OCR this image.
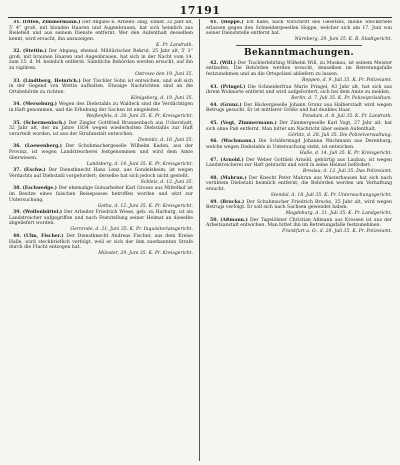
17191

31. (Olfen, Zimmermann.) Der Angabe n. Arbeits- sing, Ebner, 32 Jahr alt, 5' 4'' groß, mit blonden Haaren und Augenbrauen, hat sich heimlich aus Bielefeld und aus seinem Dienste entfernt. Wer den Aufenthalt desselben kennt, wird ersucht, ihn anzuzeigen.

K. Pr. Landrath.

32. (Stettin.) Der Abgang, ehemal. Militärischer Rekrut, 25 Jahr alt, 5' 3'' groß, mit braunen Haaren und Augenbrauen, hat sich in der Nacht vom 14. zum 15. d. M. heimlich entfernt. Sämtliche Behörden werden ersucht, auf ihn zu vigiliren.

Ostrowo den 19. Juni 35.

33. (Lindtberg, Heinrich.) Der Tischler Sohn ist entwichen, und soll sich in der Gegend von Wettin aufhalten. Etwaige Nachrichten sind an die Ortsbehörde zu richten.

Königsberg, d. 19. Juni 35.

34. (Merseburg.) Wegen des Diebstahls zu Waldeck sind die Verdächtigen in Haft genommen, und die Erhebung der Sachen ist eingeleitet.

Weißenfels, d. 28. Juni 35. K. Pr. Kreisgericht.

35. (Schermenloch.) Der Ziegler Gottfried Brunnenbach aus Uckerstadt, 32 Jahr alt, der im Jahre 1834 wegen wiederholten Diebstahls zur Haft verurteilt worden, ist aus der Strafanstalt entwichen.

Domnitz, d. 16. Juni 35.

36. (Loewenberg.) Der Schuhmachergeselle Wilhelm Kaden, aus der Provinz, ist wegen Landstreicherei festgenommen und wird dem Amte überwiesen.

Landsberg, d. 14. Juni 35. K. Pr. Kreisgericht.

37. (Eschw.) Der Dienstknecht Hans Lenz, aus Gondelsheim, ist wegen Verdachts auf Diebstahl vorgefordert; derselbe hat sich jedoch nicht gestellt.

Schleiz, d. 12. Juni 35.

38. (Eschwedge.) Der ehemalige Gutsarbeiter Karl Grosse aus Mittelhof ist im Besitze eines falschen Reisepasses betroffen worden und sitzt zur Untersuchung.

Gotha, d. 12. Juni 35. K. Pr. Kreisgericht.

39. (Wolfenbüttel.) Der Arbeiter Friedrich Wiese, geb. zu Harburg, ist als Landstreicher aufgegriffen und nach Feststellung seiner Heimat an dieselbe abgeliefert worden.

Gernrode, d. 21. Juni 35. K. Pr. Inquisitoriatsgericht.

40. (Ulm, Fischer.) Der Dienstknecht Andreas Fischer, aus dem Kreise Halle, wird steckbrieflich verfolgt, weil er sich der ihm zuerkannten Strafe durch die Flucht entzogen hat.

Münster, 29. Juni 35. K. Pr. Kreisgericht.

41. (Hoppe.) Ich habe, nach Vorschrift des Gesetzes, meine Steckbriefe erlassen gegen den Schneidergesellen Hoppe, welcher sich am 17. Juni von seiner Dienststelle entfernt hat.

Nürnberg, 29. Juni 35. K. B. Stadtgericht.
Bekanntmachungen.

42. (Will.) Der Tischlerlehrling Wilhelm Will, zu Muskau, ist seinem Meister entlaufen. Die Behörden werden ersucht, denselben im Betretungsfalle festzunehmen und an die Ortspolizei abliefern zu lassen.

Reppen, d. 9. Juli 35. K. Pr. Polizeiamt.

43. (Pringel.) Die Schneiderfrau Marie Pringel, 43 Jahr alt, hat sich aus ihrem Wohnorte entfernt und wird aufgefordert, sich bei dem Amte zu melden.

Berlin, d. 7. Juli 35. K. Pr. Polizeipräsidium.

44. (Grunz.) Der Bäckergeselle Johann Grunz aus Halberstadt wird wegen Betrugs gesucht. Er ist mittlerer Größe und hat dunkles Haar.

Potsdam, d. 8. Juli 35. K. Pr. Landrath.

45. (Vogt, Zimmermann.) Der Zimmergeselle Karl Vogt, 27 Jahr alt, hat sich ohne Paß entfernt. Man bittet um Nachricht über seinen Aufenthalt.

Görlitz, d. 28. Juli 35. Die Polizeiverwaltung.

46. (Wachmann.) Die Schäfermagd Johanna Wachmann aus Derenburg, welche wegen Diebstahls in Untersuchung steht, ist entwichen.

Halle, d. 14. Juli 35. K. Pr. Kreisgericht.

47. (Arnold.) Der Weber Gottlieb Arnold, gebürtig aus Lauban, ist wegen Landstreicherei zur Haft gebracht und wird in seine Heimat befördert.

Breslau, d. 12. Juli 35. Das Polizeiamt.

48. (Mahrun.) Der Knecht Peter Mahrun aus Wusterhausen hat sich nach verübtem Diebstahl heimlich entfernt; die Behörden werden um Verhaftung ersucht.

Stendal, d. 18. Juli 35. K. Pr. Untersuchungsgericht.

49. (Brucks.) Der Schuhmacher Friedrich Brucks, 35 Jahr alt, wird wegen Betrugs verfolgt. Er soll sich nach Sachsen gewendet haben.

Magdeburg, d. 21. Juli 35. K. Pr. Landgericht.

50. (Aßmann.) Der Tagelöhner Christian Aßmann aus Krossen ist aus der Arbeitsanstalt entwichen. Man bittet ihn im Betretungsfalle festzunehmen.

Frankfurt a. O., d. 29. Juli 35. K. Pr. Polizeiamt.
